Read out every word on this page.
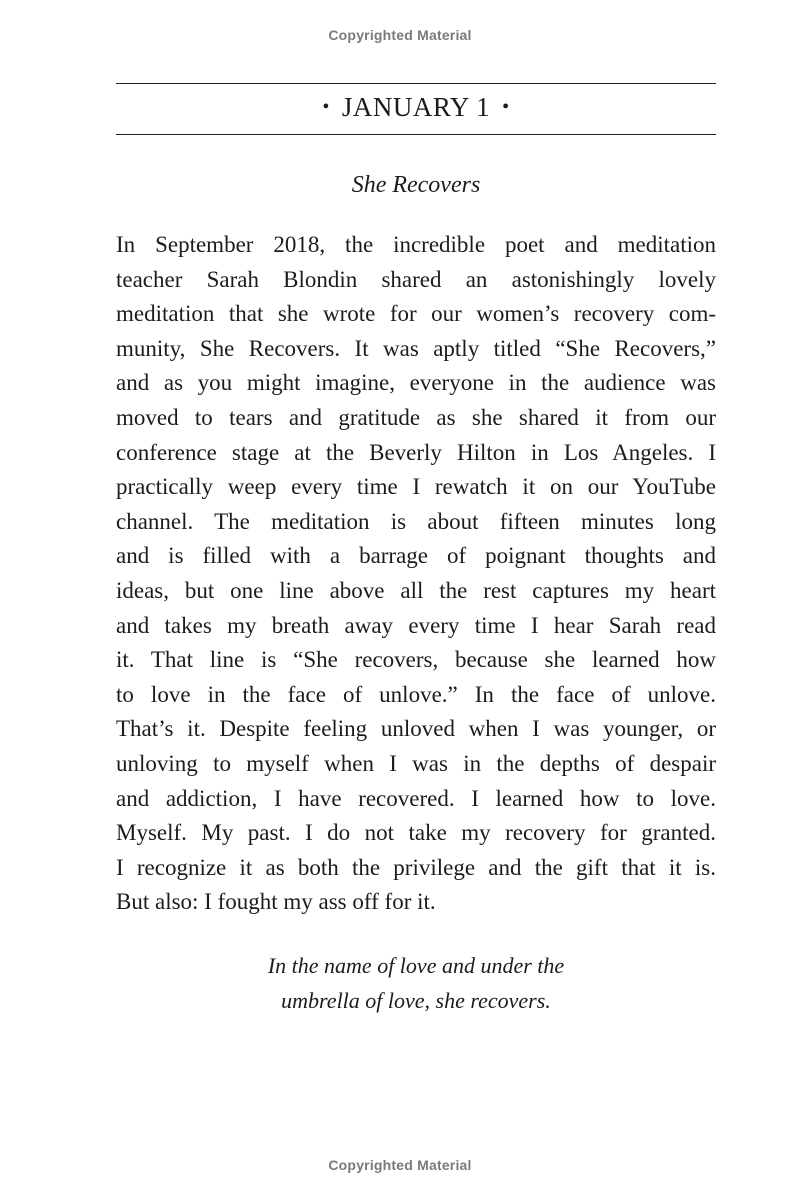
Copyrighted Material
• JANUARY 1 •
She Recovers
In September 2018, the incredible poet and meditation
teacher Sarah Blondin shared an astonishingly lovely
meditation that she wrote for our women’s recovery com-
munity, She Recovers. It was aptly titled “She Recovers,”
and as you might imagine, everyone in the audience was
moved to tears and gratitude as she shared it from our
conference stage at the Beverly Hilton in Los Angeles. I
practically weep every time I rewatch it on our YouTube
channel. The meditation is about fifteen minutes long
and is filled with a barrage of poignant thoughts and
ideas, but one line above all the rest captures my heart
and takes my breath away every time I hear Sarah read
it. That line is “She recovers, because she learned how
to love in the face of unlove.” In the face of unlove.
That’s it. Despite feeling unloved when I was younger, or
unloving to myself when I was in the depths of despair
and addiction, I have recovered. I learned how to love.
Myself. My past. I do not take my recovery for granted.
I recognize it as both the privilege and the gift that it is.
But also: I fought my ass off for it.
In the name of love and under the
umbrella of love, she recovers.
Copyrighted Material
